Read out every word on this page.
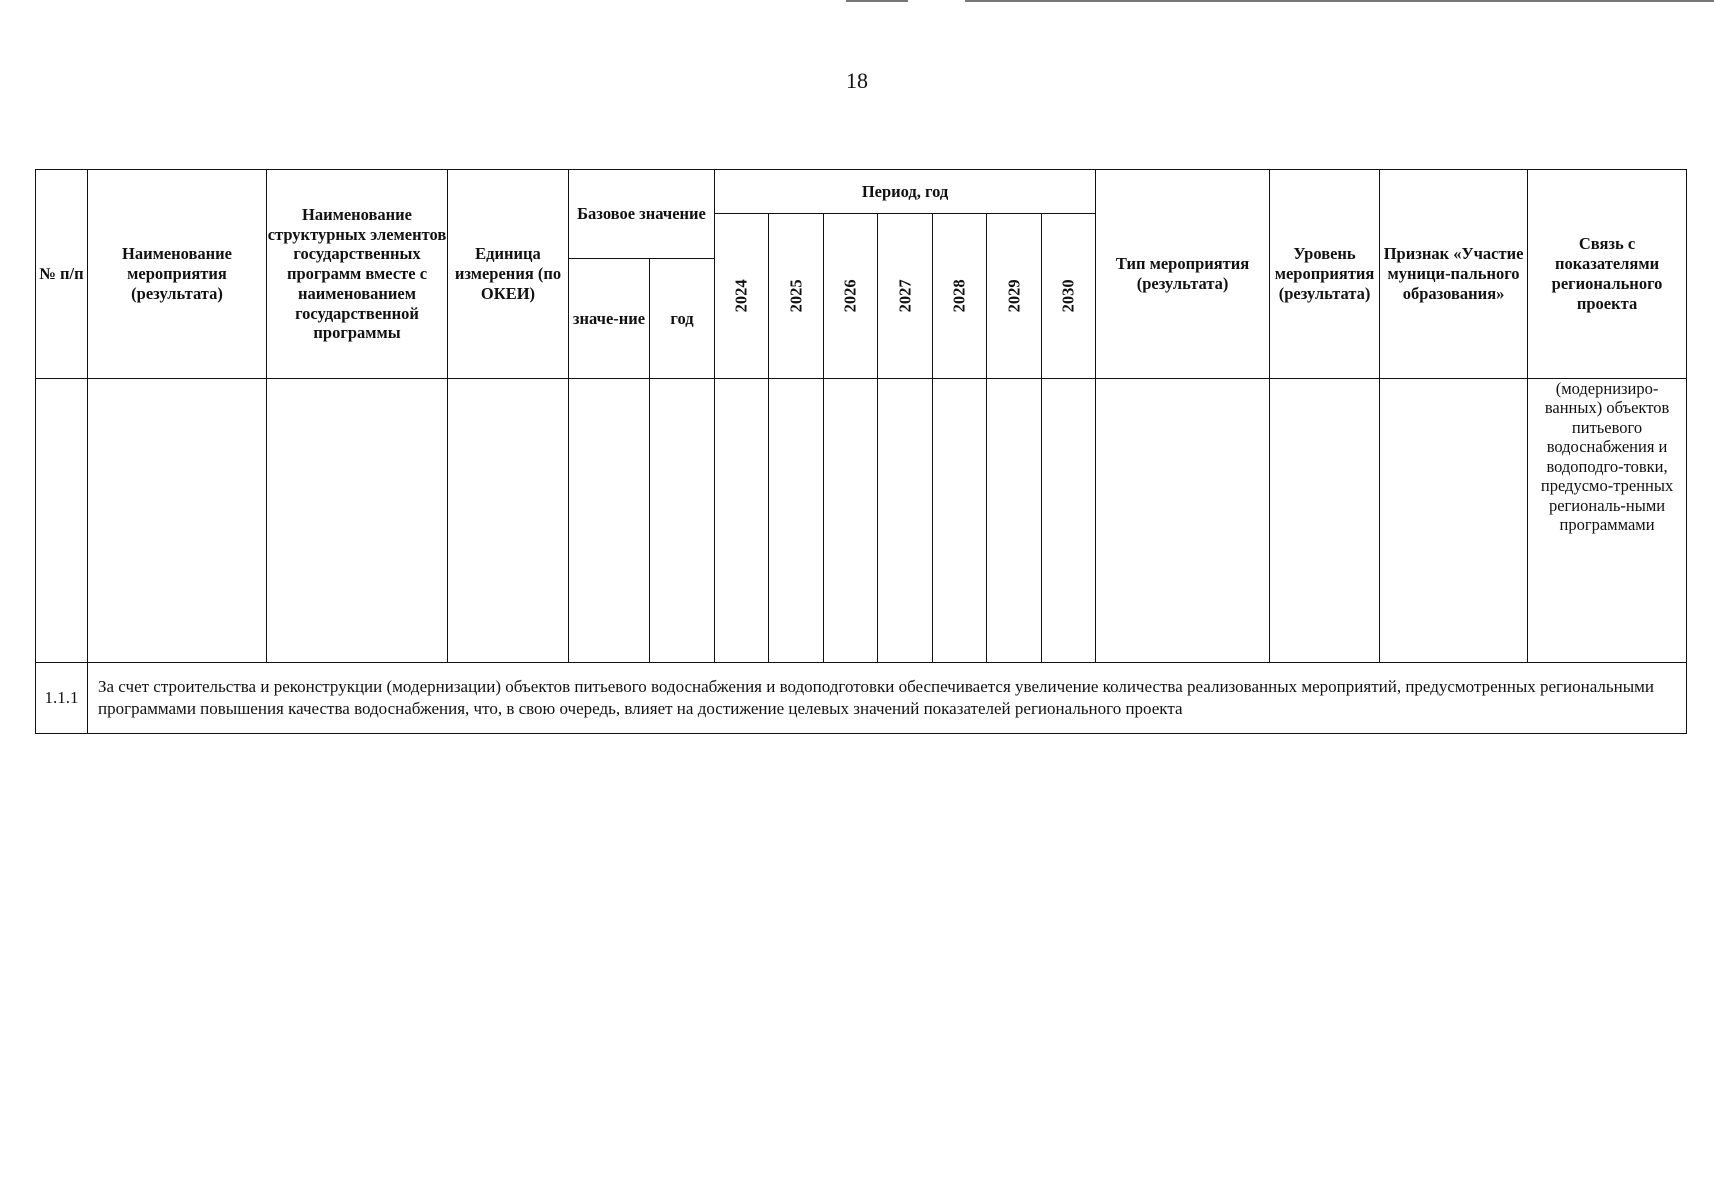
18
№ п/п	Наименование мероприятия (результата)	Наименование структурных элементов государственных программ вместе с наименованием государственной программы	Единица измерения (по ОКЕИ)	Базовое значение		Период, год							Тип мероприятия (результата)	Уровень мероприятия (результата)	Признак «Участие муници-пального образования»	Связь с показателями регионального проекта
						2024	2025	2026	2027	2028	2029	2030				
				значе-ние	год											
																(модернизиро-ванных) объектов питьевого водоснабжения и водоподго-товки, предусмо-тренных региональ-ными программами
1.1.1	За счет строительства и реконструкции (модернизации) объектов питьевого водоснабжения и водоподготовки обеспечивается увеличение количества реализованных мероприятий, предусмотренных региональными программами повышения качества водоснабжения, что, в свою очередь, влияет на достижение целевых значений показателей регионального проекта															
